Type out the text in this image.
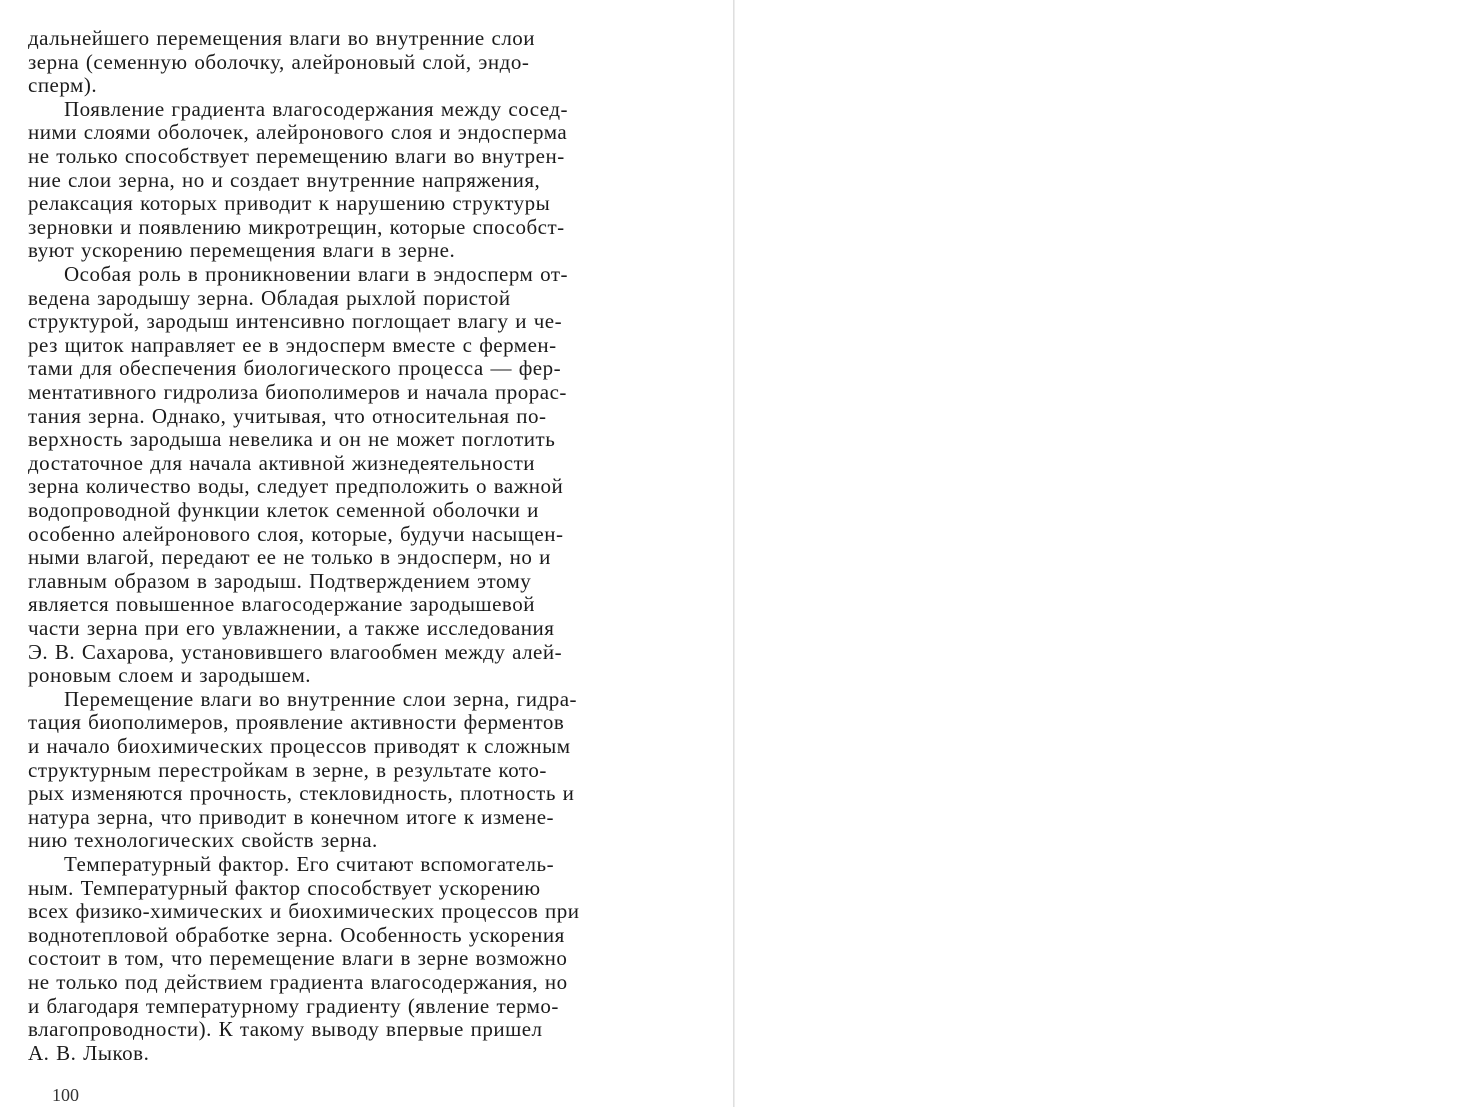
дальнейшего перемещения влаги во внутренние слои
зерна (семенную оболочку, алейроновый слой, эндо-
сперм).
Появление градиента влагосодержания между сосед-
ними слоями оболочек, алейронового слоя и эндосперма
не только способствует перемещению влаги во внутрен-
ние слои зерна, но и создает внутренние напряжения,
релаксация которых приводит к нарушению структуры
зерновки и появлению микротрещин, которые способст-
вуют ускорению перемещения влаги в зерне.
Особая роль в проникновении влаги в эндосперм от-
ведена зародышу зерна. Обладая рыхлой пористой
структурой, зародыш интенсивно поглощает влагу и че-
рез щиток направляет ее в эндосперм вместе с фермен-
тами для обеспечения биологического процесса — фер-
ментативного гидролиза биополимеров и начала прорас-
тания зерна. Однако, учитывая, что относительная по-
верхность зародыша невелика и он не может поглотить
достаточное для начала активной жизнедеятельности
зерна количество воды, следует предположить о важной
водопроводной функции клеток семенной оболочки и
особенно алейронового слоя, которые, будучи насыщен-
ными влагой, передают ее не только в эндосперм, но и
главным образом в зародыш. Подтверждением этому
является повышенное влагосодержание зародышевой
части зерна при его увлажнении, а также исследования
Э. В. Сахарова, установившего влагообмен между алей-
роновым слоем и зародышем.
Перемещение влаги во внутренние слои зерна, гидра-
тация биополимеров, проявление активности ферментов
и начало биохимических процессов приводят к сложным
структурным перестройкам в зерне, в результате кото-
рых изменяются прочность, стекловидность, плотность и
натура зерна, что приводит в конечном итоге к измене-
нию технологических свойств зерна.
Температурный фактор. Его считают вспомогатель-
ным. Температурный фактор способствует ускорению
всех физико-химических и биохимических процессов при
воднотепловой обработке зерна. Особенность ускорения
состоит в том, что перемещение влаги в зерне возможно
не только под действием градиента влагосодержания, но
и благодаря температурному градиенту (явление термо-
влагопроводности). К такому выводу впервые пришел
А. В. Лыков.
100
